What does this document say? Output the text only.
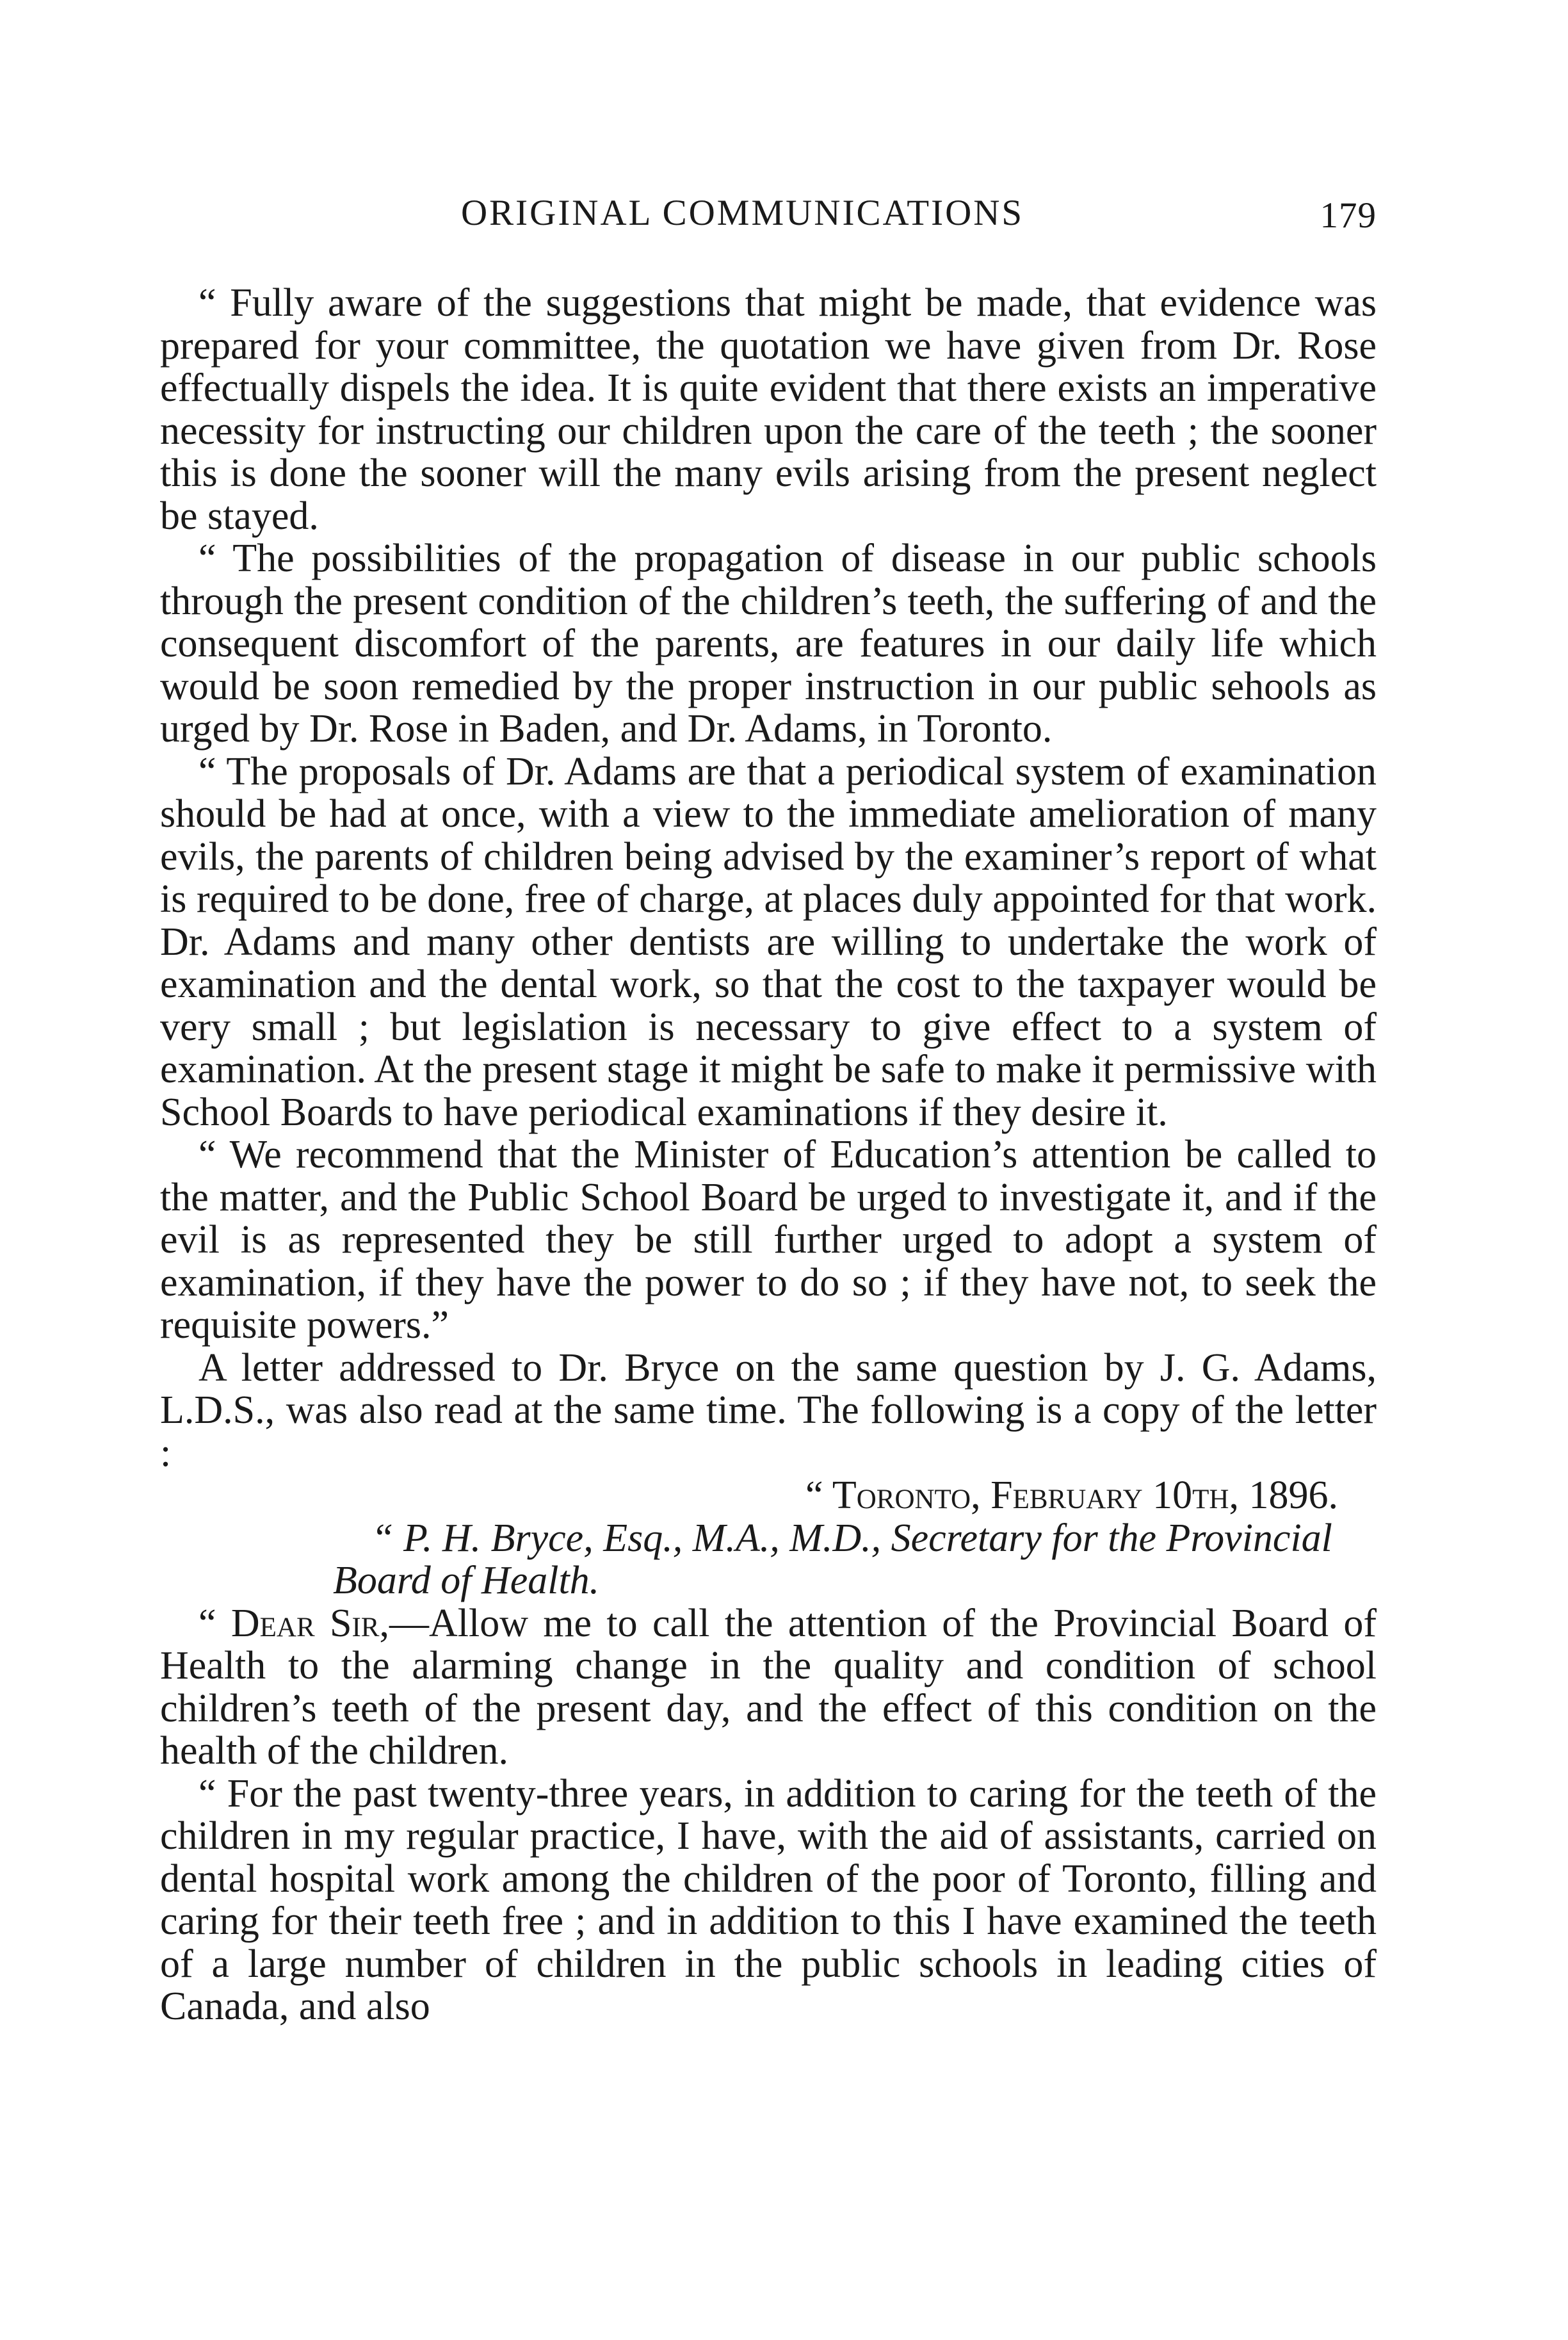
ORIGINAL COMMUNICATIONS	179

“ Fully aware of the suggestions that might be made, that evidence was prepared for your committee, the quotation we have given from Dr. Rose effectually dispels the idea. It is quite evident that there exists an imperative necessity for instructing our children upon the care of the teeth ; the sooner this is done the sooner will the many evils arising from the present neglect be stayed.

“ The possibilities of the propagation of disease in our public schools through the present condition of the children’s teeth, the suffering of and the consequent discomfort of the parents, are features in our daily life which would be soon remedied by the proper instruction in our public sehools as urged by Dr. Rose in Baden, and Dr. Adams, in Toronto.

“ The proposals of Dr. Adams are that a periodical system of examination should be had at once, with a view to the immediate amelioration of many evils, the parents of children being advised by the examiner’s report of what is required to be done, free of charge, at places duly appointed for that work. Dr. Adams and many other dentists are willing to undertake the work of examination and the dental work, so that the cost to the taxpayer would be very small ; but legislation is necessary to give effect to a system of examination. At the present stage it might be safe to make it permissive with School Boards to have periodical examinations if they desire it.

“ We recommend that the Minister of Education’s attention be called to the matter, and the Public School Board be urged to investigate it, and if the evil is as represented they be still further urged to adopt a system of examination, if they have the power to do so ; if they have not, to seek the requisite powers.”

A letter addressed to Dr. Bryce on the same question by J. G. Adams, L.D.S., was also read at the same time. The following is a copy of the letter :

“ Toronto, February 10th, 1896.

“ P. H. Bryce, Esq., M.A., M.D., Secretary for the Provincial Board of Health.

“ Dear Sir,—Allow me to call the attention of the Provincial Board of Health to the alarming change in the quality and condition of school children’s teeth of the present day, and the effect of this condition on the health of the children.

“ For the past twenty-three years, in addition to caring for the teeth of the children in my regular practice, I have, with the aid of assistants, carried on dental hospital work among the children of the poor of Toronto, filling and caring for their teeth free ; and in addition to this I have examined the teeth of a large number of children in the public schools in leading cities of Canada, and also
